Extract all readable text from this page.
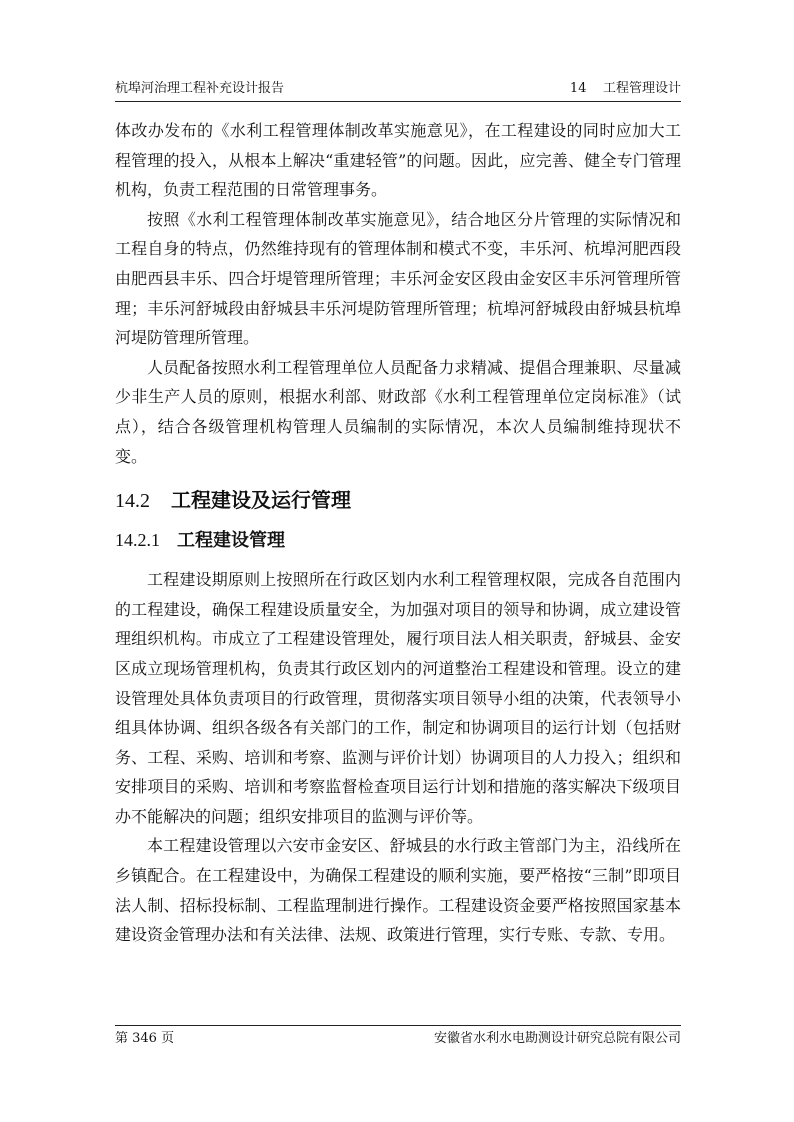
杭埠河治理工程补充设计报告	14    工程管理设计

体改办发布的《水利工程管理体制改革实施意见》，在工程建设的同时应加大工程管理的投入，从根本上解决“重建轻管”的问题。因此，应完善、健全专门管理机构，负责工程范围的日常管理事务。

按照《水利工程管理体制改革实施意见》，结合地区分片管理的实际情况和工程自身的特点，仍然维持现有的管理体制和模式不变，丰乐河、杭埠河肥西段由肥西县丰乐、四合圩堤管理所管理；丰乐河金安区段由金安区丰乐河管理所管理；丰乐河舒城段由舒城县丰乐河堤防管理所管理；杭埠河舒城段由舒城县杭埠河堤防管理所管理。

人员配备按照水利工程管理单位人员配备力求精减、提倡合理兼职、尽量减少非生产人员的原则，根据水利部、财政部《水利工程管理单位定岗标准》（试点），结合各级管理机构管理人员编制的实际情况，本次人员编制维持现状不变。

14.2 工程建设及运行管理
14.2.1 工程建设管理

工程建设期原则上按照所在行政区划内水利工程管理权限，完成各自范围内的工程建设，确保工程建设质量安全，为加强对项目的领导和协调，成立建设管理组织机构。市成立了工程建设管理处，履行项目法人相关职责，舒城县、金安区成立现场管理机构，负责其行政区划内的河道整治工程建设和管理。设立的建设管理处具体负责项目的行政管理，贯彻落实项目领导小组的决策，代表领导小组具体协调、组织各级各有关部门的工作，制定和协调项目的运行计划（包括财务、工程、采购、培训和考察、监测与评价计划）协调项目的人力投入；组织和安排项目的采购、培训和考察监督检查项目运行计划和措施的落实解决下级项目办不能解决的问题；组织安排项目的监测与评价等。

本工程建设管理以六安市金安区、舒城县的水行政主管部门为主，沿线所在乡镇配合。在工程建设中，为确保工程建设的顺利实施，要严格按“三制”即项目法人制、招标投标制、工程监理制进行操作。工程建设资金要严格按照国家基本建设资金管理办法和有关法律、法规、政策进行管理，实行专账、专款、专用。

第 346 页	安徽省水利水电勘测设计研究总院有限公司
